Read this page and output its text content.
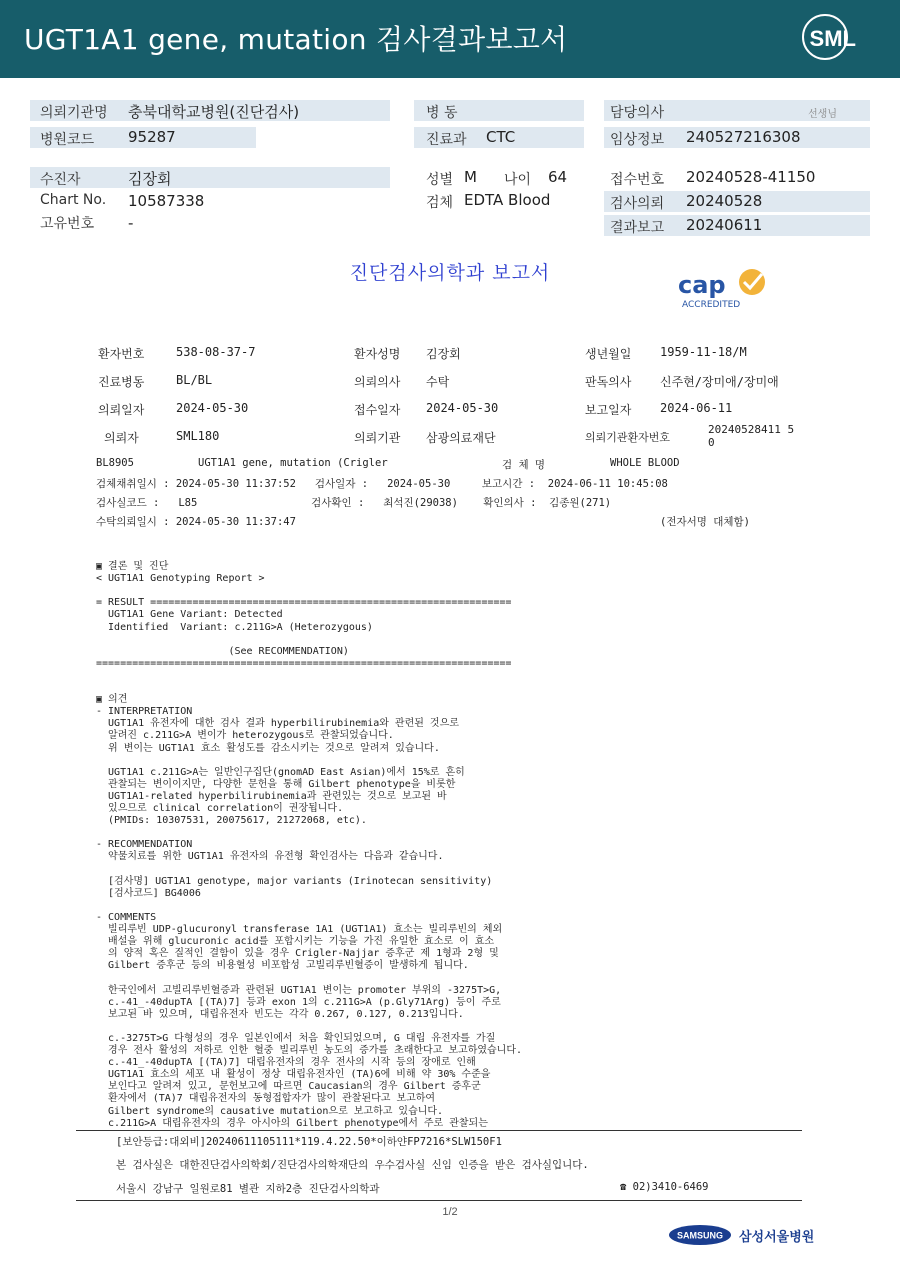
UGT1A1 gene, mutation 검사결과보고서	SML
의뢰기관명 충북대학교병원(진단검사)	병 동	담당의사	선생님
병원코드 95287	진료과 CTC	임상정보 240527216308
수진자	김장회	성별 M 나이 64	접수번호 20240528-41150
Chart No. 10587338	검체 EDTA Blood	검사의뢰 20240528
고유번호 -	결과보고 20240611
진단검사의학과 보고서	cap
ACCREDITED
환자번호	538-08-37-7	환자성명 김장회	생년월일 1959-11-18/M
진료병동	BL/BL	의뢰의사 수탁	판독의사 신주현/장미애/장미애
의뢰일자	2024-05-30	접수일자 2024-05-30	보고일자 2024-06-11
의뢰자	SML180	의뢰기관 삼광의료재단	의뢰기관환자번호
20240528411 5
0
BL8905	UGT1A1 gene, mutation (Crigler	검 체 명	WHOLE BLOOD
검체채취일시 : 2024-05-30 11:37:52   검사일자 :   2024-05-30     보고시간 :  2024-06-11 10:45:08
검사실코드 :   L85                  검사확인 :   최석진(29038)    확인의사 :  김종원(271)
수탁의뢰일시 : 2024-05-30 11:37:47	(전자서명 대체함)
▣ 결론 및 진단
< UGT1A1 Genotyping Report >
= RESULT ============================================================
UGT1A1 Gene Variant: Detected
Identified  Variant: c.211G>A (Heterozygous)
(See RECOMMENDATION)
=====================================================================
▣ 의견
- INTERPRETATION
UGT1A1 유전자에 대한 검사 결과 hyperbilirubinemia와 관련된 것으로
알려진 c.211G>A 변이가 heterozygous로 관찰되었습니다.
위 변이는 UGT1A1 효소 활성도를 감소시키는 것으로 알려져 있습니다.
UGT1A1 c.211G>A는 일반인구집단(gnomAD East Asian)에서 15%로 흔히
관찰되는 변이이지만, 다양한 문헌을 통해 Gilbert phenotype을 비롯한
UGT1A1-related hyperbilirubinemia과 관련있는 것으로 보고된 바
있으므로 clinical correlation이 권장됩니다.
(PMIDs: 10307531, 20075617, 21272068, etc).
- RECOMMENDATION
약물치료를 위한 UGT1A1 유전자의 유전형 확인검사는 다음과 같습니다.
[검사명] UGT1A1 genotype, major variants (Irinotecan sensitivity)
[검사코드] BG4006
- COMMENTS
빌리루빈 UDP-glucuronyl transferase 1A1 (UGT1A1) 효소는 빌리루빈의 체외
배설을 위해 glucuronic acid를 포합시키는 기능을 가진 유일한 효소로 이 효소
의 양적 혹은 질적인 결함이 있을 경우 Crigler-Najjar 증후군 제 1형과 2형 및
Gilbert 증후군 등의 비용혈성 비포합성 고빌리루빈혈증이 발생하게 됩니다.
한국인에서 고빌리루빈혈증과 관련된 UGT1A1 변이는 promoter 부위의 -3275T>G,
c.-41_-40dupTA [(TA)7] 등과 exon 1의 c.211G>A (p.Gly71Arg) 등이 주로
보고된 바 있으며, 대립유전자 빈도는 각각 0.267, 0.127, 0.213입니다.
c.-3275T>G 다형성의 경우 일본인에서 처음 확인되었으며, G 대립 유전자를 가질
경우 전사 활성의 저하로 인한 혈중 빌리루빈 농도의 증가를 초래한다고 보고하였습니다.
c.-41_-40dupTA [(TA)7] 대립유전자의 경우 전사의 시작 등의 장애로 인해
UGT1A1 효소의 세포 내 활성이 정상 대립유전자인 (TA)6에 비해 약 30% 수준을
보인다고 알려져 있고, 문헌보고에 따르면 Caucasian의 경우 Gilbert 증후군
환자에서 (TA)7 대립유전자의 동형접합자가 많이 관찰된다고 보고하여
Gilbert syndrome의 causative mutation으로 보고하고 있습니다.
c.211G>A 대립유전자의 경우 아시아의 Gilbert phenotype에서 주로 관찰되는
[보안등급:대외비]20240611105111*119.4.22.50*이하얀FP7216*SLW150F1
본 검사실은 대한진단검사의학회/진단검사의학재단의 우수검사실 신임 인증을 받은 검사실입니다.
서울시 강남구 일원로81 별관 지하2층 진단검사의학과	☎ 02)3410-6469
1/2
SAMSUNG 삼성서울병원
